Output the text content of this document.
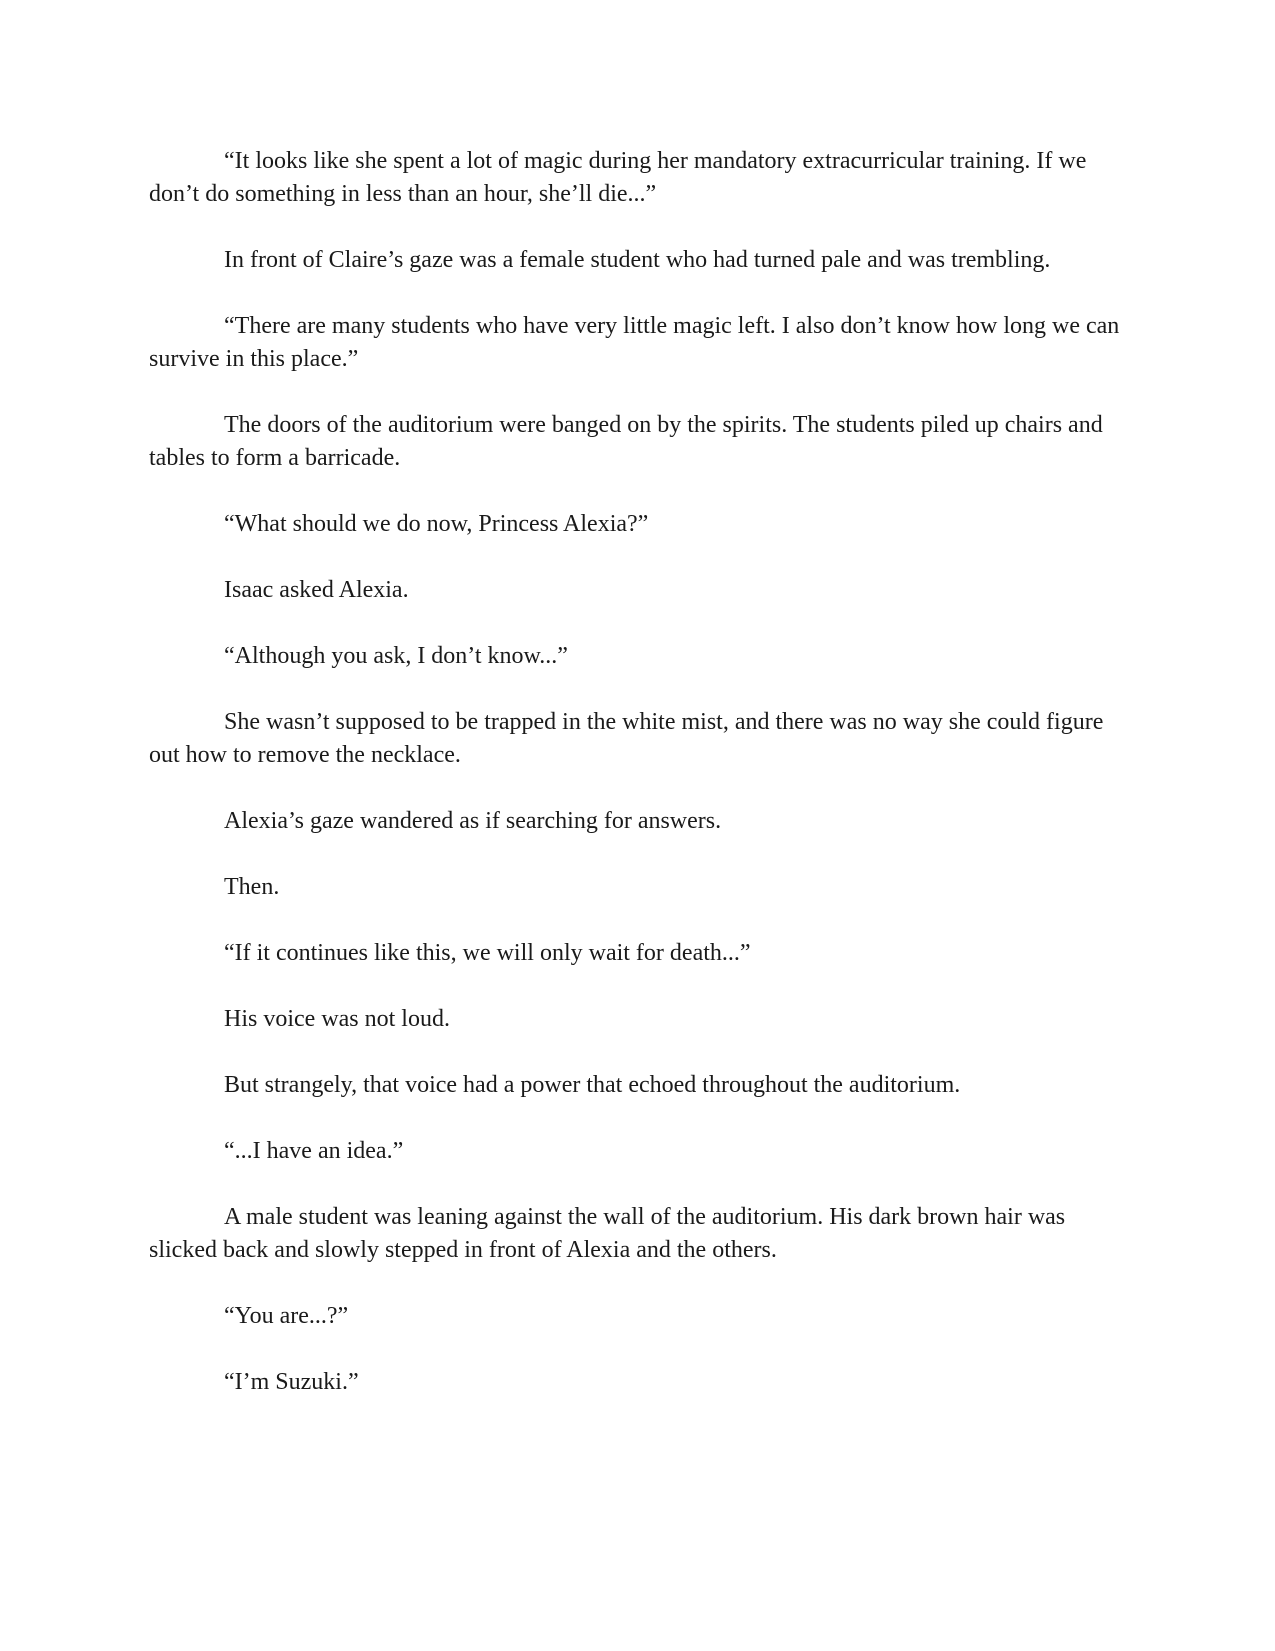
“It looks like she spent a lot of magic during her mandatory extracurricular training. If we don’t do something in less than an hour, she’ll die...”

In front of Claire’s gaze was a female student who had turned pale and was trembling.

“There are many students who have very little magic left. I also don’t know how long we can survive in this place.”

The doors of the auditorium were banged on by the spirits. The students piled up chairs and tables to form a barricade.

“What should we do now, Princess Alexia?”

Isaac asked Alexia.

“Although you ask, I don’t know...”

She wasn’t supposed to be trapped in the white mist, and there was no way she could figure out how to remove the necklace.

Alexia’s gaze wandered as if searching for answers.

Then.

“If it continues like this, we will only wait for death...”

His voice was not loud.

But strangely, that voice had a power that echoed throughout the auditorium.

“...I have an idea.”

A male student was leaning against the wall of the auditorium. His dark brown hair was slicked back and slowly stepped in front of Alexia and the others.

“You are...?”

“I’m Suzuki.”
